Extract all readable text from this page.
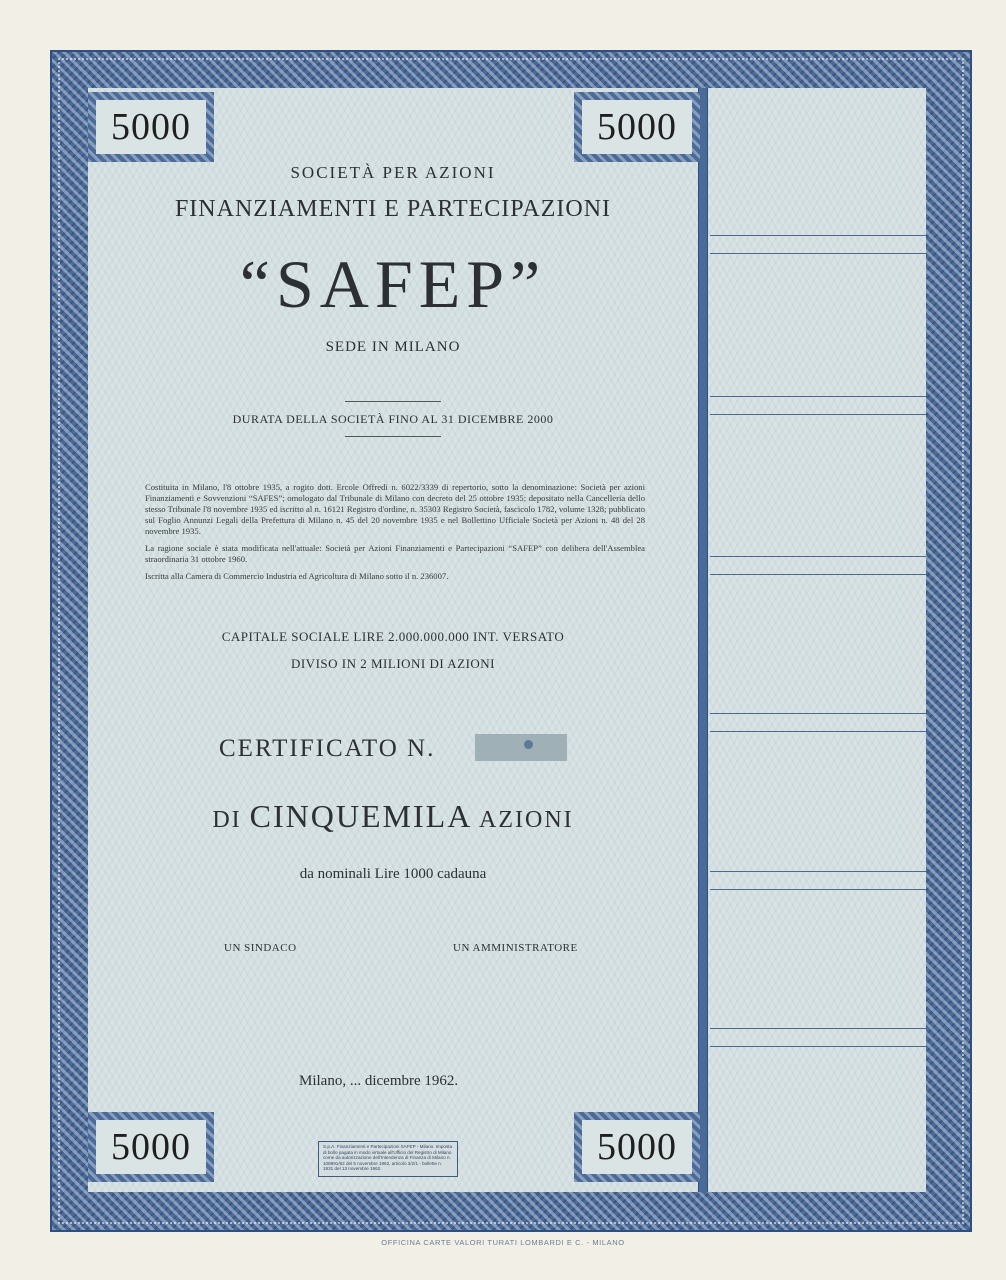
5000	5000
5000	5000
SOCIETÀ PER AZIONI
FINANZIAMENTI E PARTECIPAZIONI
“SAFEP”
SEDE IN MILANO
DURATA DELLA SOCIETÀ FINO AL 31 DICEMBRE 2000

Costituita in Milano, l'8 ottobre 1935, a rogito dott. Ercole Offredi n. 6022/3339 di repertorio, sotto la denominazione: Società per azioni Finanziamenti e Sovvenzioni “SAFES”; omologato dal Tribunale di Milano con decreto del 25 ottobre 1935; depositato nella Cancelleria dello stesso Tribunale l'8 novembre 1935 ed iscritto al n. 16121 Registro d'ordine, n. 35303 Registro Società, fascicolo 1782, volume 1328; pubblicato sul Foglio Annunzi Legali della Prefettura di Milano n. 45 del 20 novembre 1935 e nel Bollettino Ufficiale Società per Azioni n. 48 del 28 novembre 1935.

La ragione sociale è stata modificata nell'attuale: Società per Azioni Finanziamenti e Partecipazioni “SAFEP” con delibera dell'Assemblea straordinaria 31 ottobre 1960.

Iscritta alla Camera di Commercio Industria ed Agricoltura di Milano sotto il n. 236007.

CAPITALE SOCIALE LIRE 2.000.000.000 INT. VERSATO
DIVISO IN 2 MILIONI DI AZIONI
CERTIFICATO N.
DI CINQUEMILA AZIONI
da nominali Lire 1000 cadauna
UN SINDACO	UN AMMINISTRATORE
Milano, ... dicembre 1962.
S.p.A. Finanziamenti e Partecipazioni SAFEP - Milano. Imposta di bollo pagata in modo virtuale all'Ufficio del Registro di Milano come da autorizzazione dell'Intendenza di Finanza di Milano n. 108991/62 del 5 novembre 1962, articolo 3/2/1 - bollette n. 1931 del 13 novembre 1962.
OFFICINA CARTE VALORI TURATI LOMBARDI E C. - MILANO
